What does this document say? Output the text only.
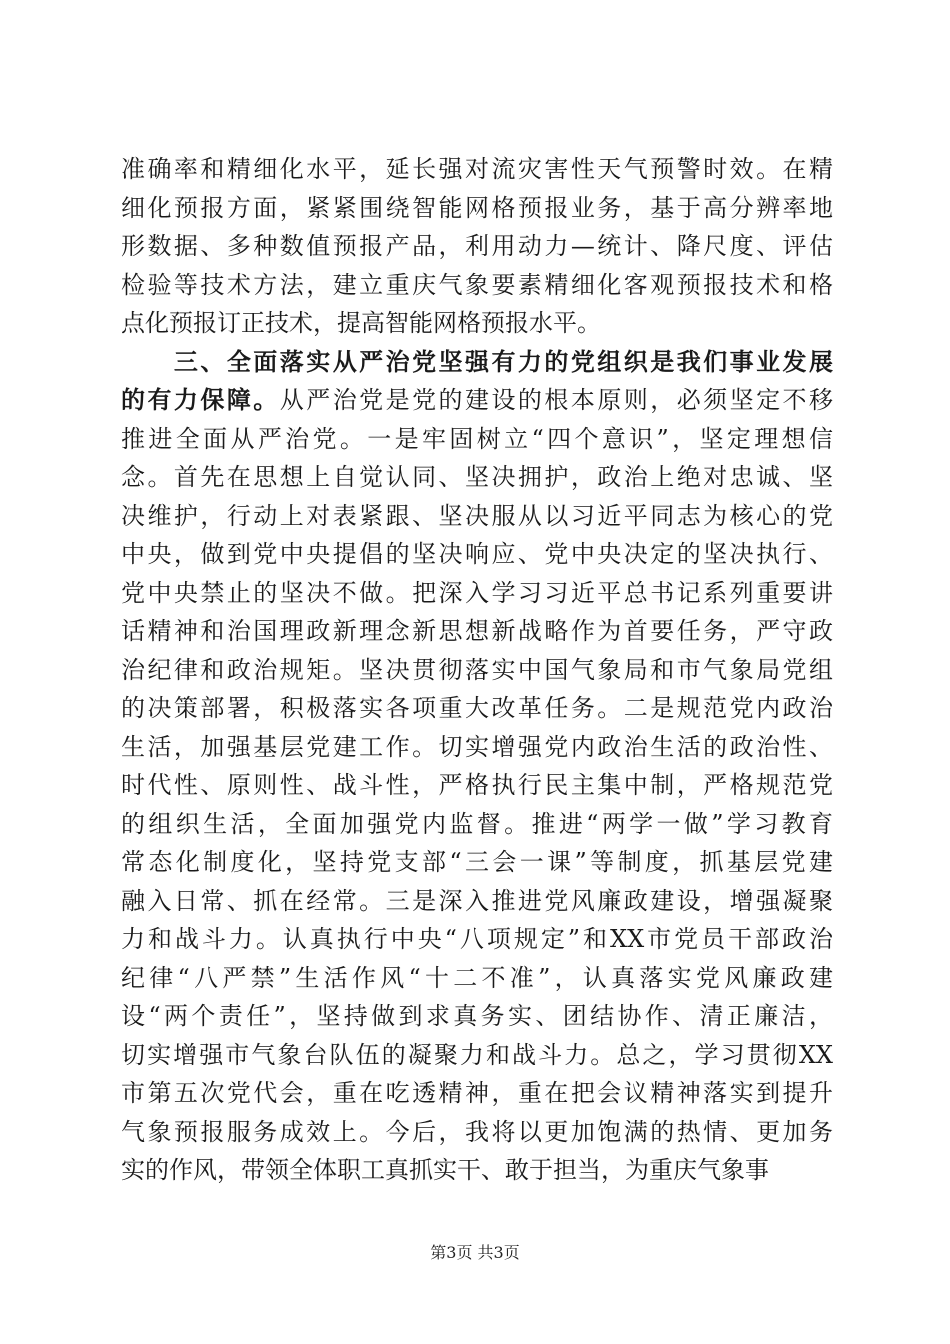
准确率和精细化水平，延长强对流灾害性天气预警时效。在精
细化预报方面，紧紧围绕智能网格预报业务，基于高分辨率地
形数据、多种数值预报产品，利用动力—统计、降尺度、评估
检验等技术方法，建立重庆气象要素精细化客观预报技术和格
点化预报订正技术，提高智能网格预报水平。
　　三、全面落实从严治党坚强有力的党组织是我们事业发展
的有力保障。从严治党是党的建设的根本原则，必须坚定不移
推进全面从严治党。一是牢固树立“四个意识”，坚定理想信
念。首先在思想上自觉认同、坚决拥护，政治上绝对忠诚、坚
决维护，行动上对表紧跟、坚决服从以习近平同志为核心的党
中央，做到党中央提倡的坚决响应、党中央决定的坚决执行、
党中央禁止的坚决不做。把深入学习习近平总书记系列重要讲
话精神和治国理政新理念新思想新战略作为首要任务，严守政
治纪律和政治规矩。坚决贯彻落实中国气象局和市气象局党组
的决策部署，积极落实各项重大改革任务。二是规范党内政治
生活，加强基层党建工作。切实增强党内政治生活的政治性、
时代性、原则性、战斗性，严格执行民主集中制，严格规范党
的组织生活，全面加强党内监督。推进“两学一做”学习教育
常态化制度化，坚持党支部“三会一课”等制度，抓基层党建
融入日常、抓在经常。三是深入推进党风廉政建设，增强凝聚
力和战斗力。认真执行中央“八项规定”和XX市党员干部政治
纪律“八严禁”生活作风“十二不准”，认真落实党风廉政建
设“两个责任”，坚持做到求真务实、团结协作、清正廉洁，
切实增强市气象台队伍的凝聚力和战斗力。总之，学习贯彻XX
市第五次党代会，重在吃透精神，重在把会议精神落实到提升
气象预报服务成效上。今后，我将以更加饱满的热情、更加务
实的作风，带领全体职工真抓实干、敢于担当，为重庆气象事
第3页 共3页
